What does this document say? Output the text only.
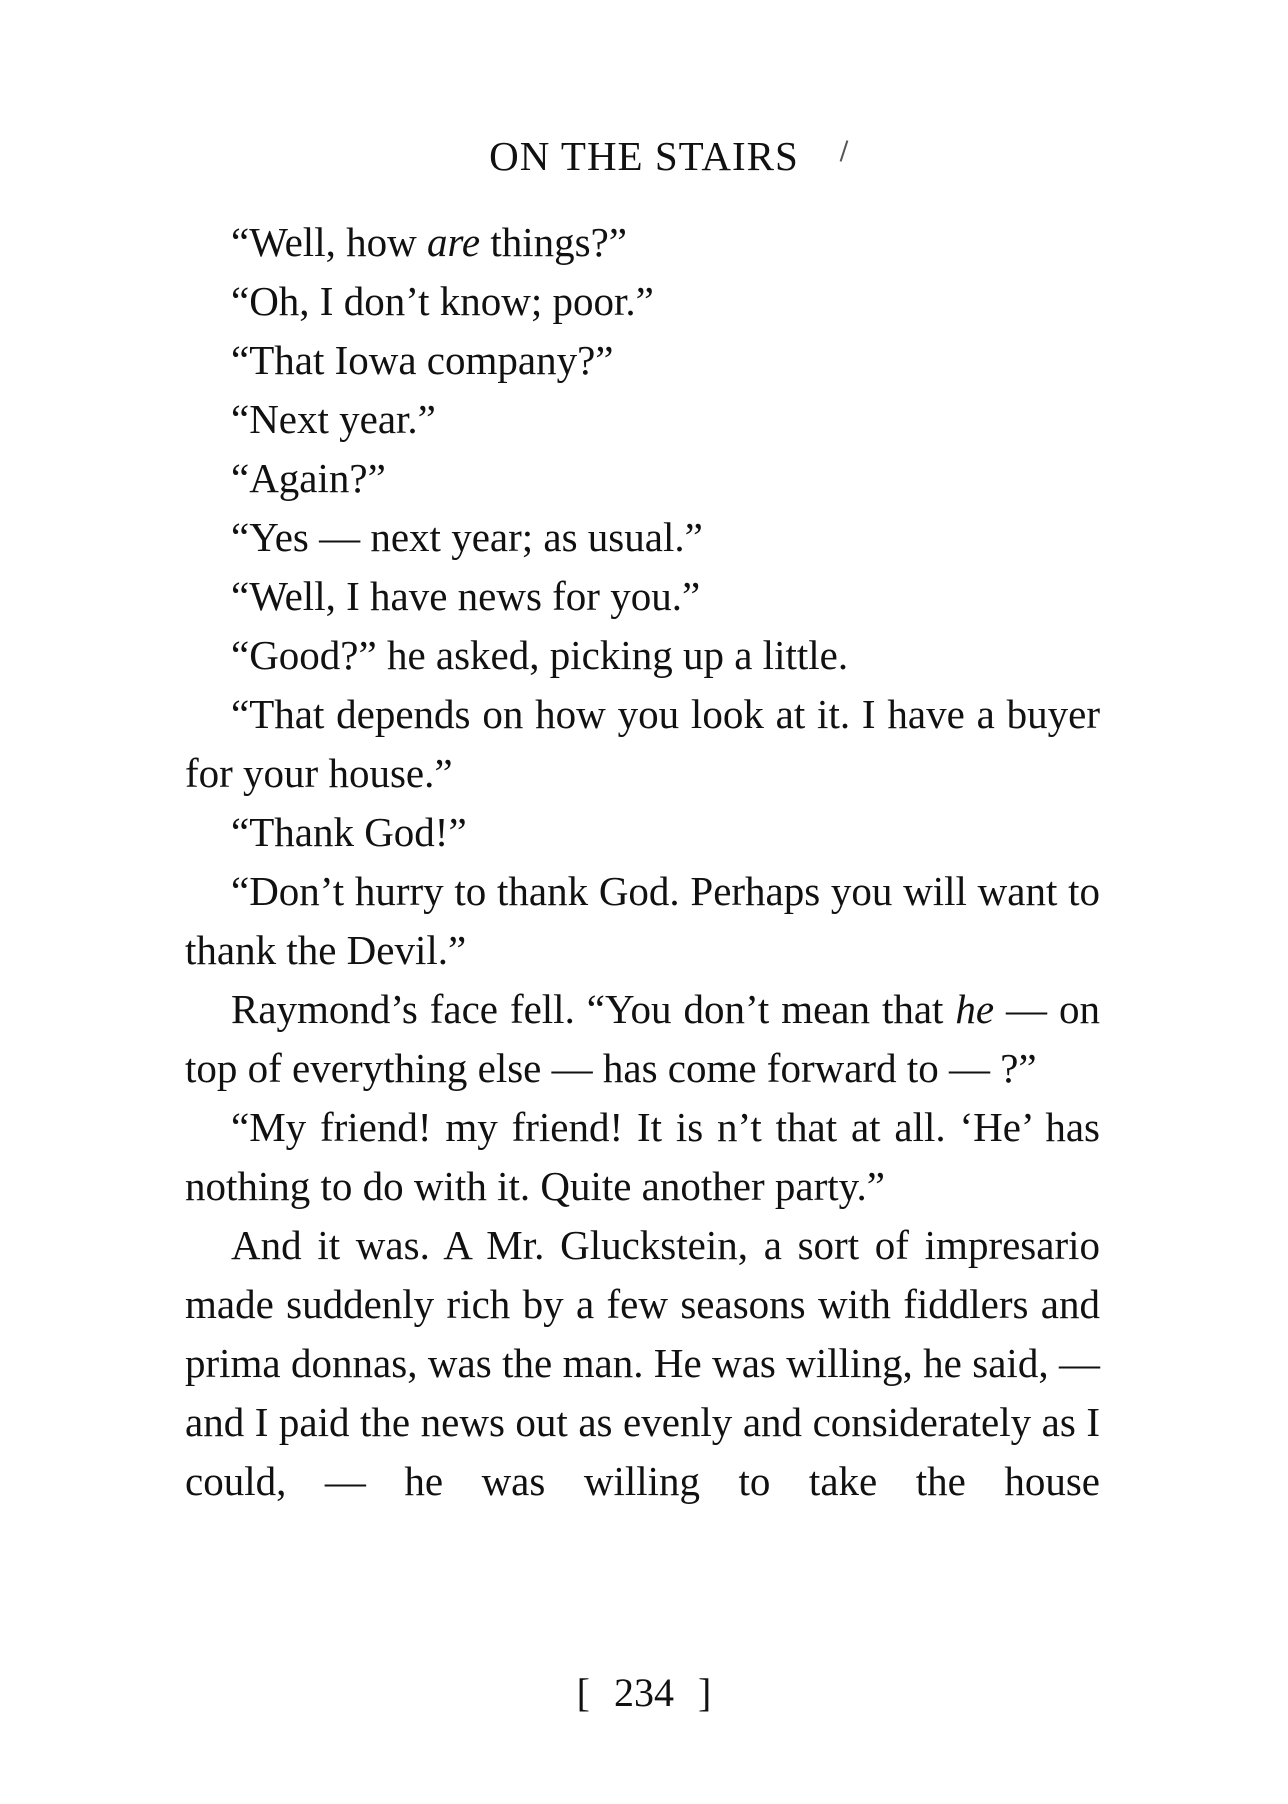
ON THE STAIRS

“Well, how are things?”

“Oh, I don’t know; poor.”

“That Iowa company?”

“Next year.”

“Again?”

“Yes — next year; as usual.”

“Well, I have news for you.”

“Good?” he asked, picking up a little.

“That depends on how you look at it. I have a buyer for your house.”

“Thank God!”

“Don’t hurry to thank God. Perhaps you will want to thank the Devil.”

Raymond’s face fell. “You don’t mean that he — on top of everything else — has come forward to — ?”

“My friend! my friend! It is n’t that at all. ‘He’ has nothing to do with it. Quite another party.”

And it was. A Mr. Gluckstein, a sort of impresario made suddenly rich by a few seasons with fiddlers and prima donnas, was the man. He was willing, he said, — and I paid the news out as evenly and considerately as I could, — he was willing to take the house

[ 234 ]
